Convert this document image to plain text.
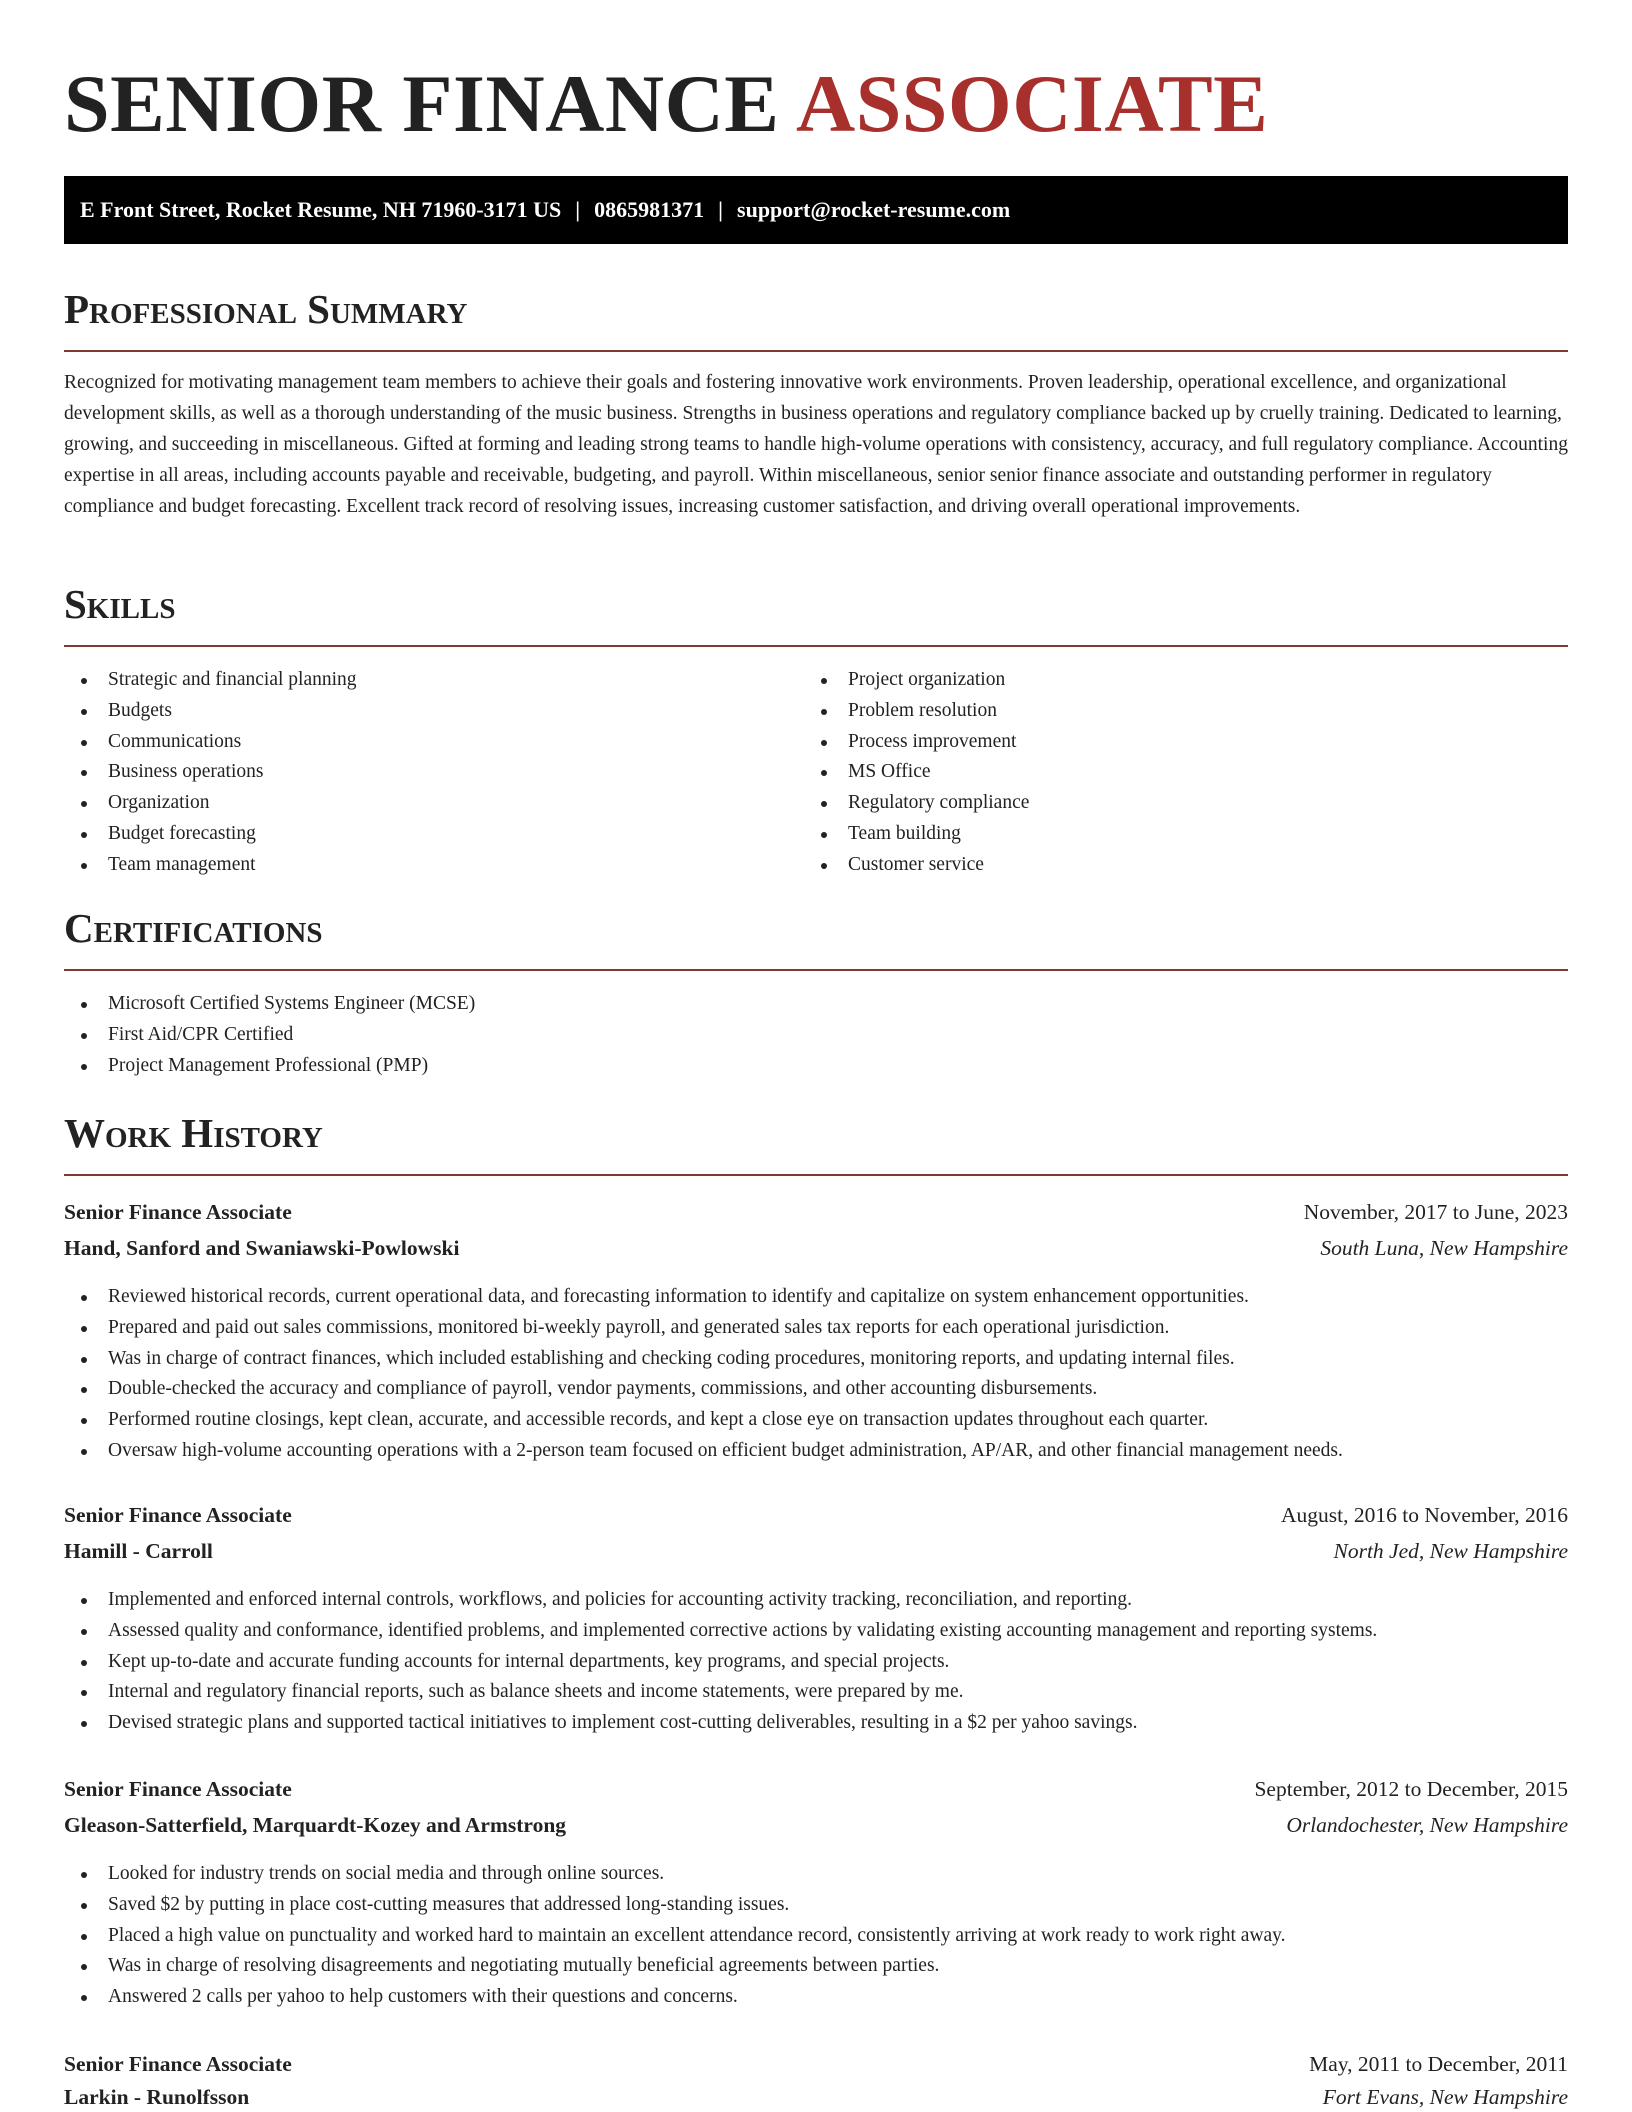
SENIOR FINANCE ASSOCIATE
E Front Street, Rocket Resume, NH 71960-3171 US | 0865981371 | support@rocket-resume.com
Professional Summary

Recognized for motivating management team members to achieve their goals and fostering innovative work environments. Proven leadership, operational excellence, and organizational development skills, as well as a thorough understanding of the music business. Strengths in business operations and regulatory compliance backed up by cruelly training. Dedicated to learning, growing, and succeeding in miscellaneous. Gifted at forming and leading strong teams to handle high-volume operations with consistency, accuracy, and full regulatory compliance. Accounting expertise in all areas, including accounts payable and receivable, budgeting, and payroll. Within miscellaneous, senior senior finance associate and outstanding performer in regulatory compliance and budget forecasting. Excellent track record of resolving issues, increasing customer satisfaction, and driving overall operational improvements.

Skills
Strategic and financial planning
Budgets
Communications
Business operations
Organization
Budget forecasting
Team management
Project organization
Problem resolution
Process improvement
MS Office
Regulatory compliance
Team building
Customer service
Certifications
Microsoft Certified Systems Engineer (MCSE)
First Aid/CPR Certified
Project Management Professional (PMP)
Work History
Senior Finance Associate	November, 2017 to June, 2023
Hand, Sanford and Swaniawski-Powlowski	South Luna, New Hampshire
Reviewed historical records, current operational data, and forecasting information to identify and capitalize on system enhancement opportunities.
Prepared and paid out sales commissions, monitored bi-weekly payroll, and generated sales tax reports for each operational jurisdiction.
Was in charge of contract finances, which included establishing and checking coding procedures, monitoring reports, and updating internal files.
Double-checked the accuracy and compliance of payroll, vendor payments, commissions, and other accounting disbursements.
Performed routine closings, kept clean, accurate, and accessible records, and kept a close eye on transaction updates throughout each quarter.
Oversaw high-volume accounting operations with a 2-person team focused on efficient budget administration, AP/AR, and other financial management needs.
Senior Finance Associate	August, 2016 to November, 2016
Hamill - Carroll	North Jed, New Hampshire
Implemented and enforced internal controls, workflows, and policies for accounting activity tracking, reconciliation, and reporting.
Assessed quality and conformance, identified problems, and implemented corrective actions by validating existing accounting management and reporting systems.
Kept up-to-date and accurate funding accounts for internal departments, key programs, and special projects.
Internal and regulatory financial reports, such as balance sheets and income statements, were prepared by me.
Devised strategic plans and supported tactical initiatives to implement cost-cutting deliverables, resulting in a $2 per yahoo savings.
Senior Finance Associate	September, 2012 to December, 2015
Gleason-Satterfield, Marquardt-Kozey and Armstrong	Orlandochester, New Hampshire
Looked for industry trends on social media and through online sources.
Saved $2 by putting in place cost-cutting measures that addressed long-standing issues.
Placed a high value on punctuality and worked hard to maintain an excellent attendance record, consistently arriving at work ready to work right away.
Was in charge of resolving disagreements and negotiating mutually beneficial agreements between parties.
Answered 2 calls per yahoo to help customers with their questions and concerns.
Senior Finance Associate	May, 2011 to December, 2011
Larkin - Runolfsson	Fort Evans, New Hampshire
